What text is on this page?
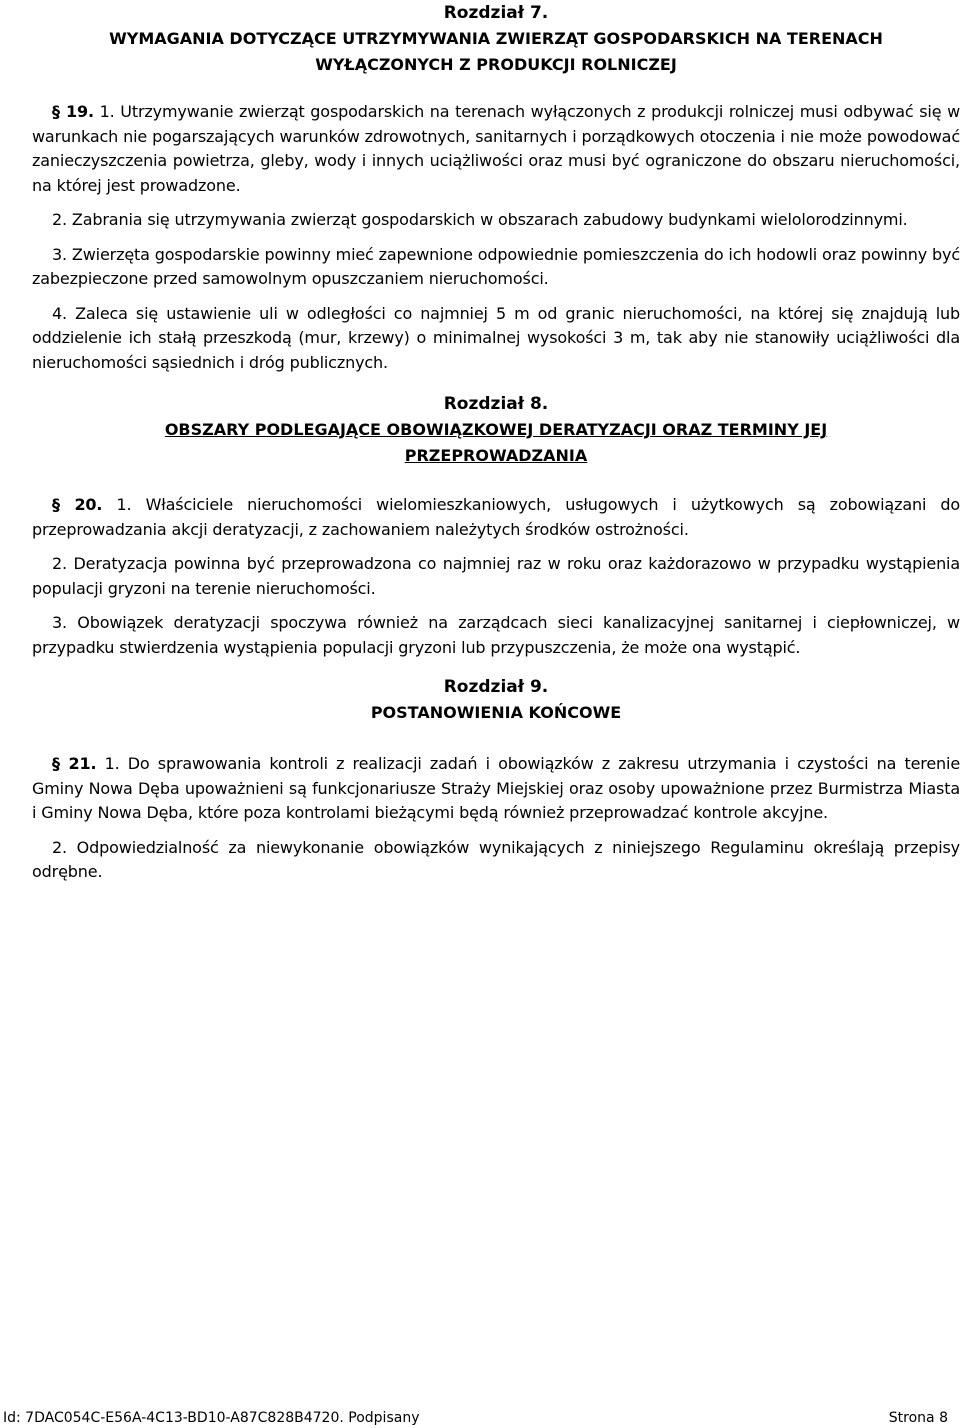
Rozdział 7.
WYMAGANIA DOTYCZĄCE UTRZYMYWANIA ZWIERZĄT GOSPODARSKICH NA TERENACH
WYŁĄCZONYCH Z PRODUKCJI ROLNICZEJ

§ 19. 1. Utrzymywanie zwierząt gospodarskich na terenach wyłączonych z produkcji rolniczej musi odbywać się w warunkach nie pogarszających warunków zdrowotnych, sanitarnych i porządkowych otoczenia i nie może powodować zanieczyszczenia powietrza, gleby, wody i innych uciążliwości oraz musi być ograniczone do obszaru nieruchomości, na której jest prowadzone.

2. Zabrania się utrzymywania zwierząt gospodarskich w obszarach zabudowy budynkami wielolorodzinnymi.

3. Zwierzęta gospodarskie powinny mieć zapewnione odpowiednie pomieszczenia do ich hodowli oraz powinny być zabezpieczone przed samowolnym opuszczaniem nieruchomości.

4. Zaleca się ustawienie uli w odległości co najmniej 5 m od granic nieruchomości, na której się znajdują lub oddzielenie ich stałą przeszkodą (mur, krzewy) o minimalnej wysokości 3 m, tak aby nie stanowiły uciążliwości dla nieruchomości sąsiednich i dróg publicznych.

Rozdział 8.
OBSZARY PODLEGAJĄCE OBOWIĄZKOWEJ DERATYZACJI ORAZ TERMINY JEJ
PRZEPROWADZANIA

§ 20. 1. Właściciele nieruchomości wielomieszkaniowych, usługowych i użytkowych są zobowiązani do przeprowadzania akcji deratyzacji, z zachowaniem należytych środków ostrożności.

2. Deratyzacja powinna być przeprowadzona co najmniej raz w roku oraz każdorazowo w przypadku wystąpienia populacji gryzoni na terenie nieruchomości.

3. Obowiązek deratyzacji spoczywa również na zarządcach sieci kanalizacyjnej sanitarnej i ciepłowniczej, w przypadku stwierdzenia wystąpienia populacji gryzoni lub przypuszczenia, że może ona wystąpić.

Rozdział 9.
POSTANOWIENIA KOŃCOWE

§ 21. 1. Do sprawowania kontroli z realizacji zadań i obowiązków z zakresu utrzymania i czystości na terenie Gminy Nowa Dęba upoważnieni są funkcjonariusze Straży Miejskiej oraz osoby upoważnione przez Burmistrza Miasta i Gminy Nowa Dęba, które poza kontrolami bieżącymi będą również przeprowadzać kontrole akcyjne.

2. Odpowiedzialność za niewykonanie obowiązków wynikających z niniejszego Regulaminu określają przepisy odrębne.

Id: 7DAC054C-E56A-4C13-BD10-A87C828B4720. Podpisany	Strona 8
